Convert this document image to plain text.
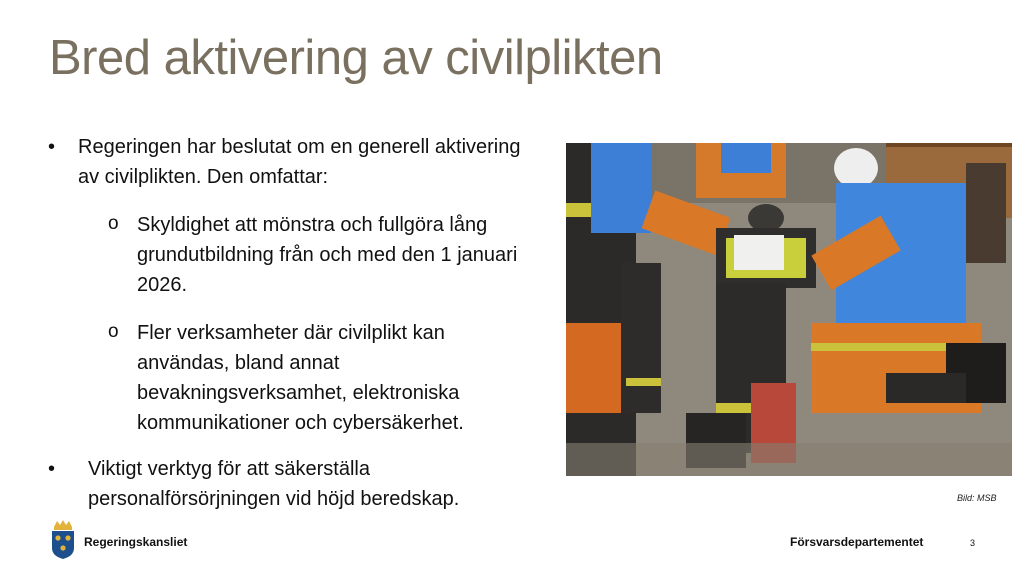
Bred aktivering av civilplikten
• Regeringen har beslutat om en generell aktivering av civilplikten. Den omfattar:
o Skyldighet att mönstra och fullgöra lång grundutbildning från och med den 1 januari 2026.
o Fler verksamheter där civilplikt kan användas, bland annat bevakningsverksamhet, elektroniska kommunikationer och cybersäkerhet.
•	Viktigt verktyg för att säkerställa personalförsörjningen vid höjd beredskap.	Bild: MSB
Regeringskansliet	Försvarsdepartementet	3
